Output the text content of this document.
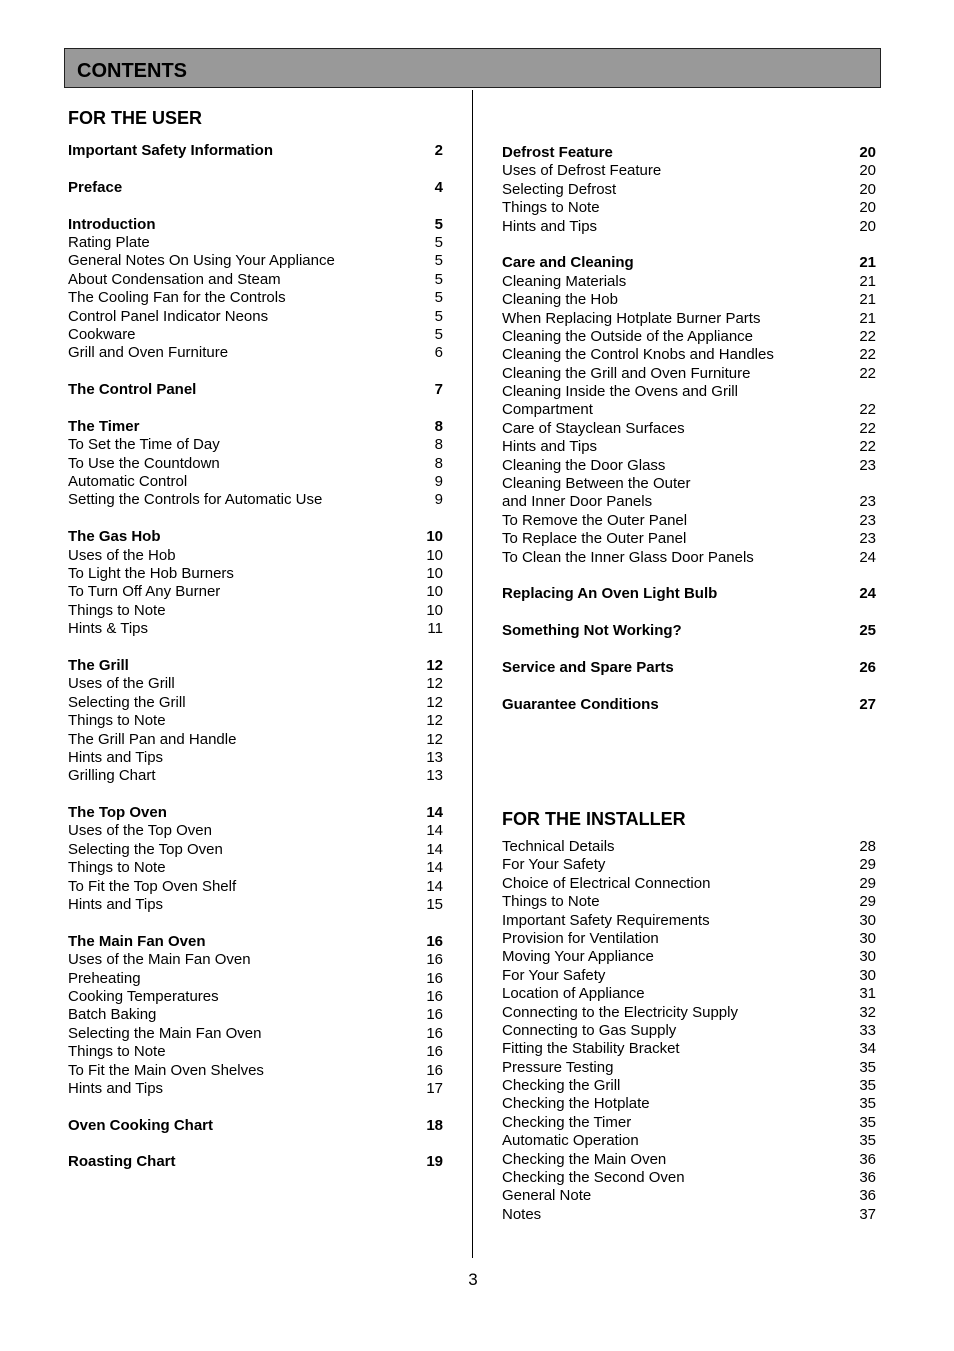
CONTENTS
FOR THE USER
Important Safety Information	2
Preface	4
Introduction	5
Rating Plate	5
General Notes On Using Your Appliance	5
About Condensation and Steam	5
The Cooling Fan for the Controls	5
Control Panel Indicator Neons	5
Cookware	5
Grill and Oven Furniture	6
The Control Panel	7
The Timer	8
To Set the Time of Day	8
To Use the Countdown	8
Automatic Control	9
Setting the Controls for Automatic Use	9
The Gas Hob	10
Uses of the Hob	10
To Light the Hob Burners	10
To Turn Off Any Burner	10
Things to Note	10
Hints & Tips	11
The Grill	12
Uses of the Grill	12
Selecting the Grill	12
Things to Note	12
The Grill Pan and Handle	12
Hints and Tips	13
Grilling Chart	13
The Top Oven	14
Uses of the Top Oven	14
Selecting the Top Oven	14
Things to Note	14
To Fit the Top Oven Shelf	14
Hints and Tips	15
The Main Fan Oven	16
Uses of the Main Fan Oven	16
Preheating	16
Cooking Temperatures	16
Batch Baking	16
Selecting the Main Fan Oven	16
Things to Note	16
To Fit the Main Oven Shelves	16
Hints and Tips	17
Oven Cooking Chart	18
Roasting Chart	19
Defrost Feature	20
Uses of Defrost Feature	20
Selecting Defrost	20
Things to Note	20
Hints and Tips	20
Care and Cleaning	21
Cleaning Materials	21
Cleaning the Hob	21
When Replacing Hotplate Burner Parts	21
Cleaning the Outside of the Appliance	22
Cleaning the Control Knobs and Handles	22
Cleaning the Grill and Oven Furniture	22
Cleaning Inside the Ovens and Grill
Compartment	22
Care of Stayclean Surfaces	22
Hints and Tips	22
Cleaning the Door Glass	23
Cleaning Between the Outer
and Inner Door Panels	23
To Remove the Outer Panel	23
To Replace the Outer Panel	23
To Clean the Inner Glass Door Panels	24
Replacing An Oven Light Bulb	24
Something Not Working?	25
Service and Spare Parts	26
Guarantee Conditions	27
FOR THE INSTALLER
Technical Details	28
For Your Safety	29
Choice of Electrical Connection	29
Things to Note	29
Important Safety Requirements	30
Provision for Ventilation	30
Moving Your Appliance	30
For Your Safety	30
Location of Appliance	31
Connecting to the Electricity Supply	32
Connecting to Gas Supply	33
Fitting the Stability Bracket	34
Pressure Testing	35
Checking the Grill	35
Checking the Hotplate	35
Checking the Timer	35
Automatic Operation	35
Checking the Main Oven	36
Checking the Second Oven	36
General Note	36
Notes	37
3
